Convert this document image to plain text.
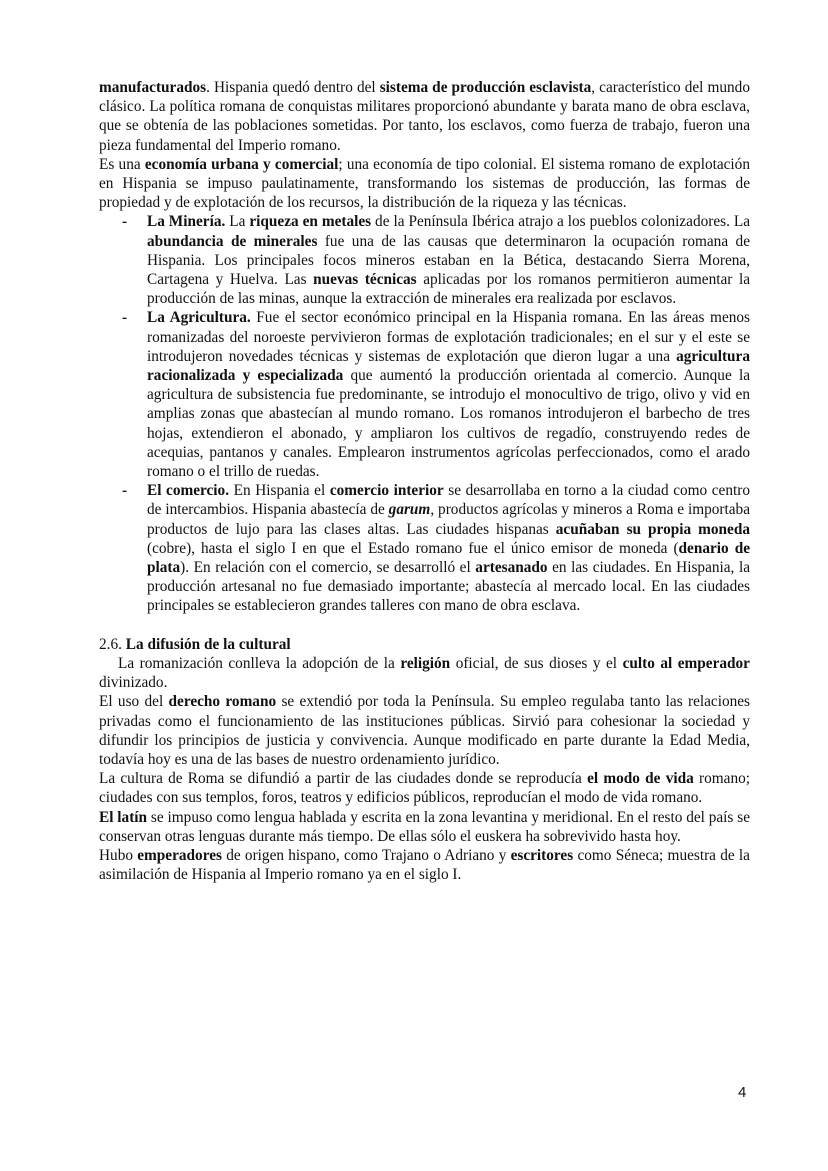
manufacturados. Hispania quedó dentro del sistema de producción esclavista, característico del mundo clásico. La política romana de conquistas militares proporcionó abundante y barata mano de obra esclava, que se obtenía de las poblaciones sometidas. Por tanto, los esclavos, como fuerza de trabajo, fueron una pieza fundamental del Imperio romano.

Es una economía urbana y comercial; una economía de tipo colonial. El sistema romano de explotación en Hispania se impuso paulatinamente, transformando los sistemas de producción, las formas de propiedad y de explotación de los recursos, la distribución de la riqueza y las técnicas.

- La Minería. La riqueza en metales de la Península Ibérica atrajo a los pueblos colonizadores. La abundancia de minerales fue una de las causas que determinaron la ocupación romana de Hispania. Los principales focos mineros estaban en la Bética, destacando Sierra Morena, Cartagena y Huelva. Las nuevas técnicas aplicadas por los romanos permitieron aumentar la producción de las minas, aunque la extracción de minerales era realizada por esclavos.
- La Agricultura. Fue el sector económico principal en la Hispania romana. En las áreas menos romanizadas del noroeste pervivieron formas de explotación tradicionales; en el sur y el este se introdujeron novedades técnicas y sistemas de explotación que dieron lugar a una agricultura racionalizada y especializada que aumentó la producción orientada al comercio. Aunque la agricultura de subsistencia fue predominante, se introdujo el monocultivo de trigo, olivo y vid en amplias zonas que abastecían al mundo romano. Los romanos introdujeron el barbecho de tres hojas, extendieron el abonado, y ampliaron los cultivos de regadío, construyendo redes de acequias, pantanos y canales. Emplearon instrumentos agrícolas perfeccionados, como el arado romano o el trillo de ruedas.
- El comercio. En Hispania el comercio interior se desarrollaba en torno a la ciudad como centro de intercambios. Hispania abastecía de garum, productos agrícolas y mineros a Roma e importaba productos de lujo para las clases altas. Las ciudades hispanas acuñaban su propia moneda (cobre), hasta el siglo I en que el Estado romano fue el único emisor de moneda (denario de plata). En relación con el comercio, se desarrolló el artesanado en las ciudades. En Hispania, la producción artesanal no fue demasiado importante; abastecía al mercado local. En las ciudades principales se establecieron grandes talleres con mano de obra esclava.

2.6. La difusión de la cultural

La romanización conlleva la adopción de la religión oficial, de sus dioses y el culto al emperador divinizado.

El uso del derecho romano se extendió por toda la Península. Su empleo regulaba tanto las relaciones privadas como el funcionamiento de las instituciones públicas. Sirvió para cohesionar la sociedad y difundir los principios de justicia y convivencia. Aunque modificado en parte durante la Edad Media, todavía hoy es una de las bases de nuestro ordenamiento jurídico.

La cultura de Roma se difundió a partir de las ciudades donde se reproducía el modo de vida romano; ciudades con sus templos, foros, teatros y edificios públicos, reproducían el modo de vida romano.

El latín se impuso como lengua hablada y escrita en la zona levantina y meridional. En el resto del país se conservan otras lenguas durante más tiempo. De ellas sólo el euskera ha sobrevivido hasta hoy.

Hubo emperadores de origen hispano, como Trajano o Adriano y escritores como Séneca; muestra de la asimilación de Hispania al Imperio romano ya en el siglo I.

4
